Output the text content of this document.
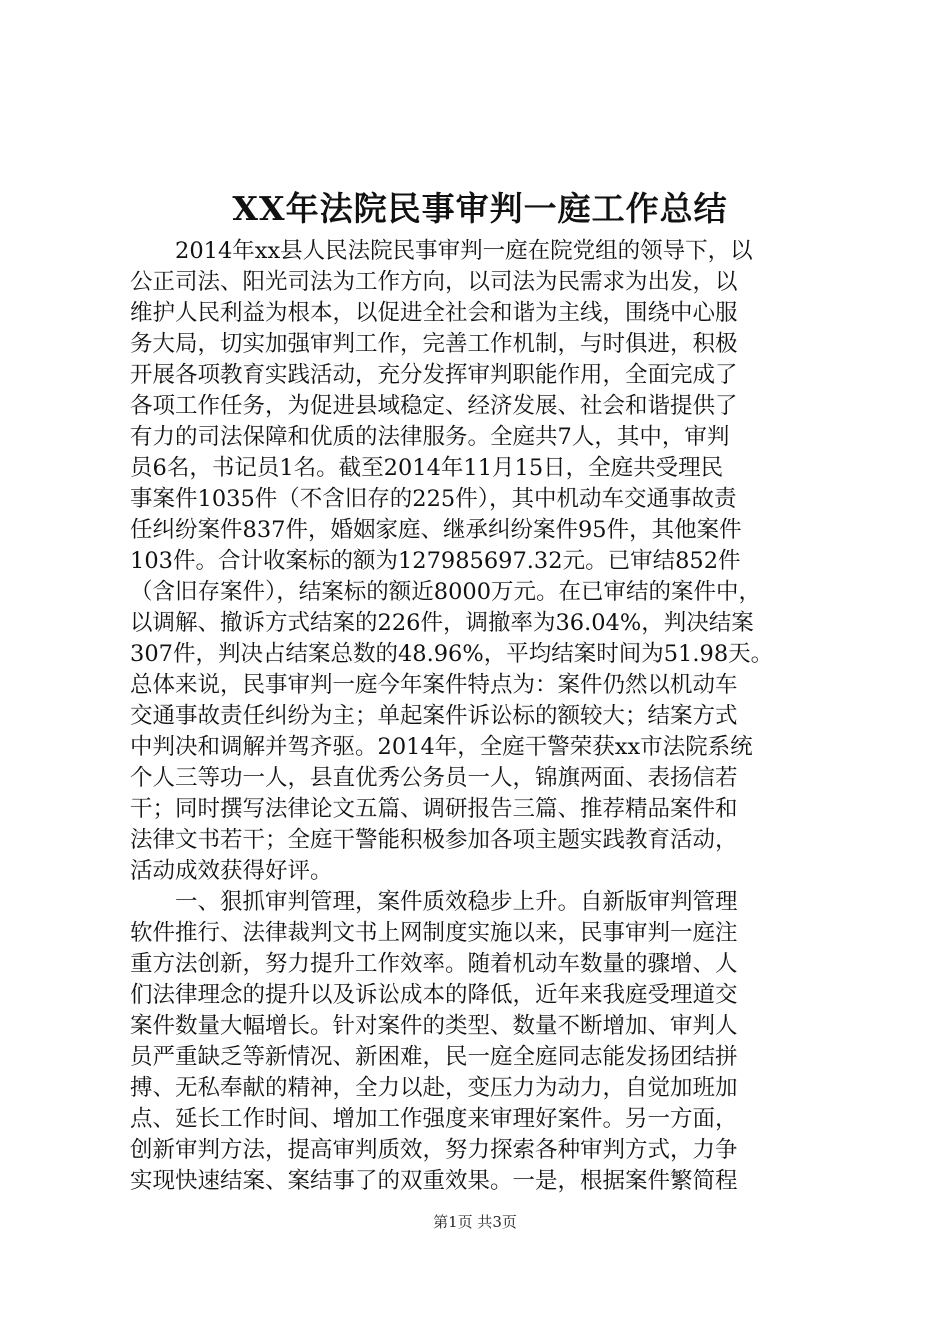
XX年法院民事审判一庭工作总结
2014年xx县人民法院民事审判一庭在院党组的领导下，以
公正司法、阳光司法为工作方向，以司法为民需求为出发，以
维护人民利益为根本，以促进全社会和谐为主线，围绕中心服
务大局，切实加强审判工作，完善工作机制，与时俱进，积极
开展各项教育实践活动，充分发挥审判职能作用，全面完成了
各项工作任务，为促进县域稳定、经济发展、社会和谐提供了
有力的司法保障和优质的法律服务。全庭共7人，其中，审判
员6名，书记员1名。截至2014年11月15日，全庭共受理民
事案件1035件（不含旧存的225件），其中机动车交通事故责
任纠纷案件837件，婚姻家庭、继承纠纷案件95件，其他案件
103件。合计收案标的额为127985697.32元。已审结852件
（含旧存案件），结案标的额近8000万元。在已审结的案件中，
以调解、撤诉方式结案的226件，调撤率为36.04%，判决结案
307件，判决占结案总数的48.96%，平均结案时间为51.98天。
总体来说，民事审判一庭今年案件特点为：案件仍然以机动车
交通事故责任纠纷为主；单起案件诉讼标的额较大；结案方式
中判决和调解并驾齐驱。2014年，全庭干警荣获xx市法院系统
个人三等功一人，县直优秀公务员一人，锦旗两面、表扬信若
干；同时撰写法律论文五篇、调研报告三篇、推荐精品案件和
法律文书若干；全庭干警能积极参加各项主题实践教育活动，
活动成效获得好评。
一、狠抓审判管理，案件质效稳步上升。自新版审判管理
软件推行、法律裁判文书上网制度实施以来，民事审判一庭注
重方法创新，努力提升工作效率。随着机动车数量的骤增、人
们法律理念的提升以及诉讼成本的降低，近年来我庭受理道交
案件数量大幅增长。针对案件的类型、数量不断增加、审判人
员严重缺乏等新情况、新困难，民一庭全庭同志能发扬团结拼
搏、无私奉献的精神，全力以赴，变压力为动力，自觉加班加
点、延长工作时间、增加工作强度来审理好案件。另一方面，
创新审判方法，提高审判质效，努力探索各种审判方式，力争
实现快速结案、案结事了的双重效果。一是，根据案件繁简程
第1页 共3页
